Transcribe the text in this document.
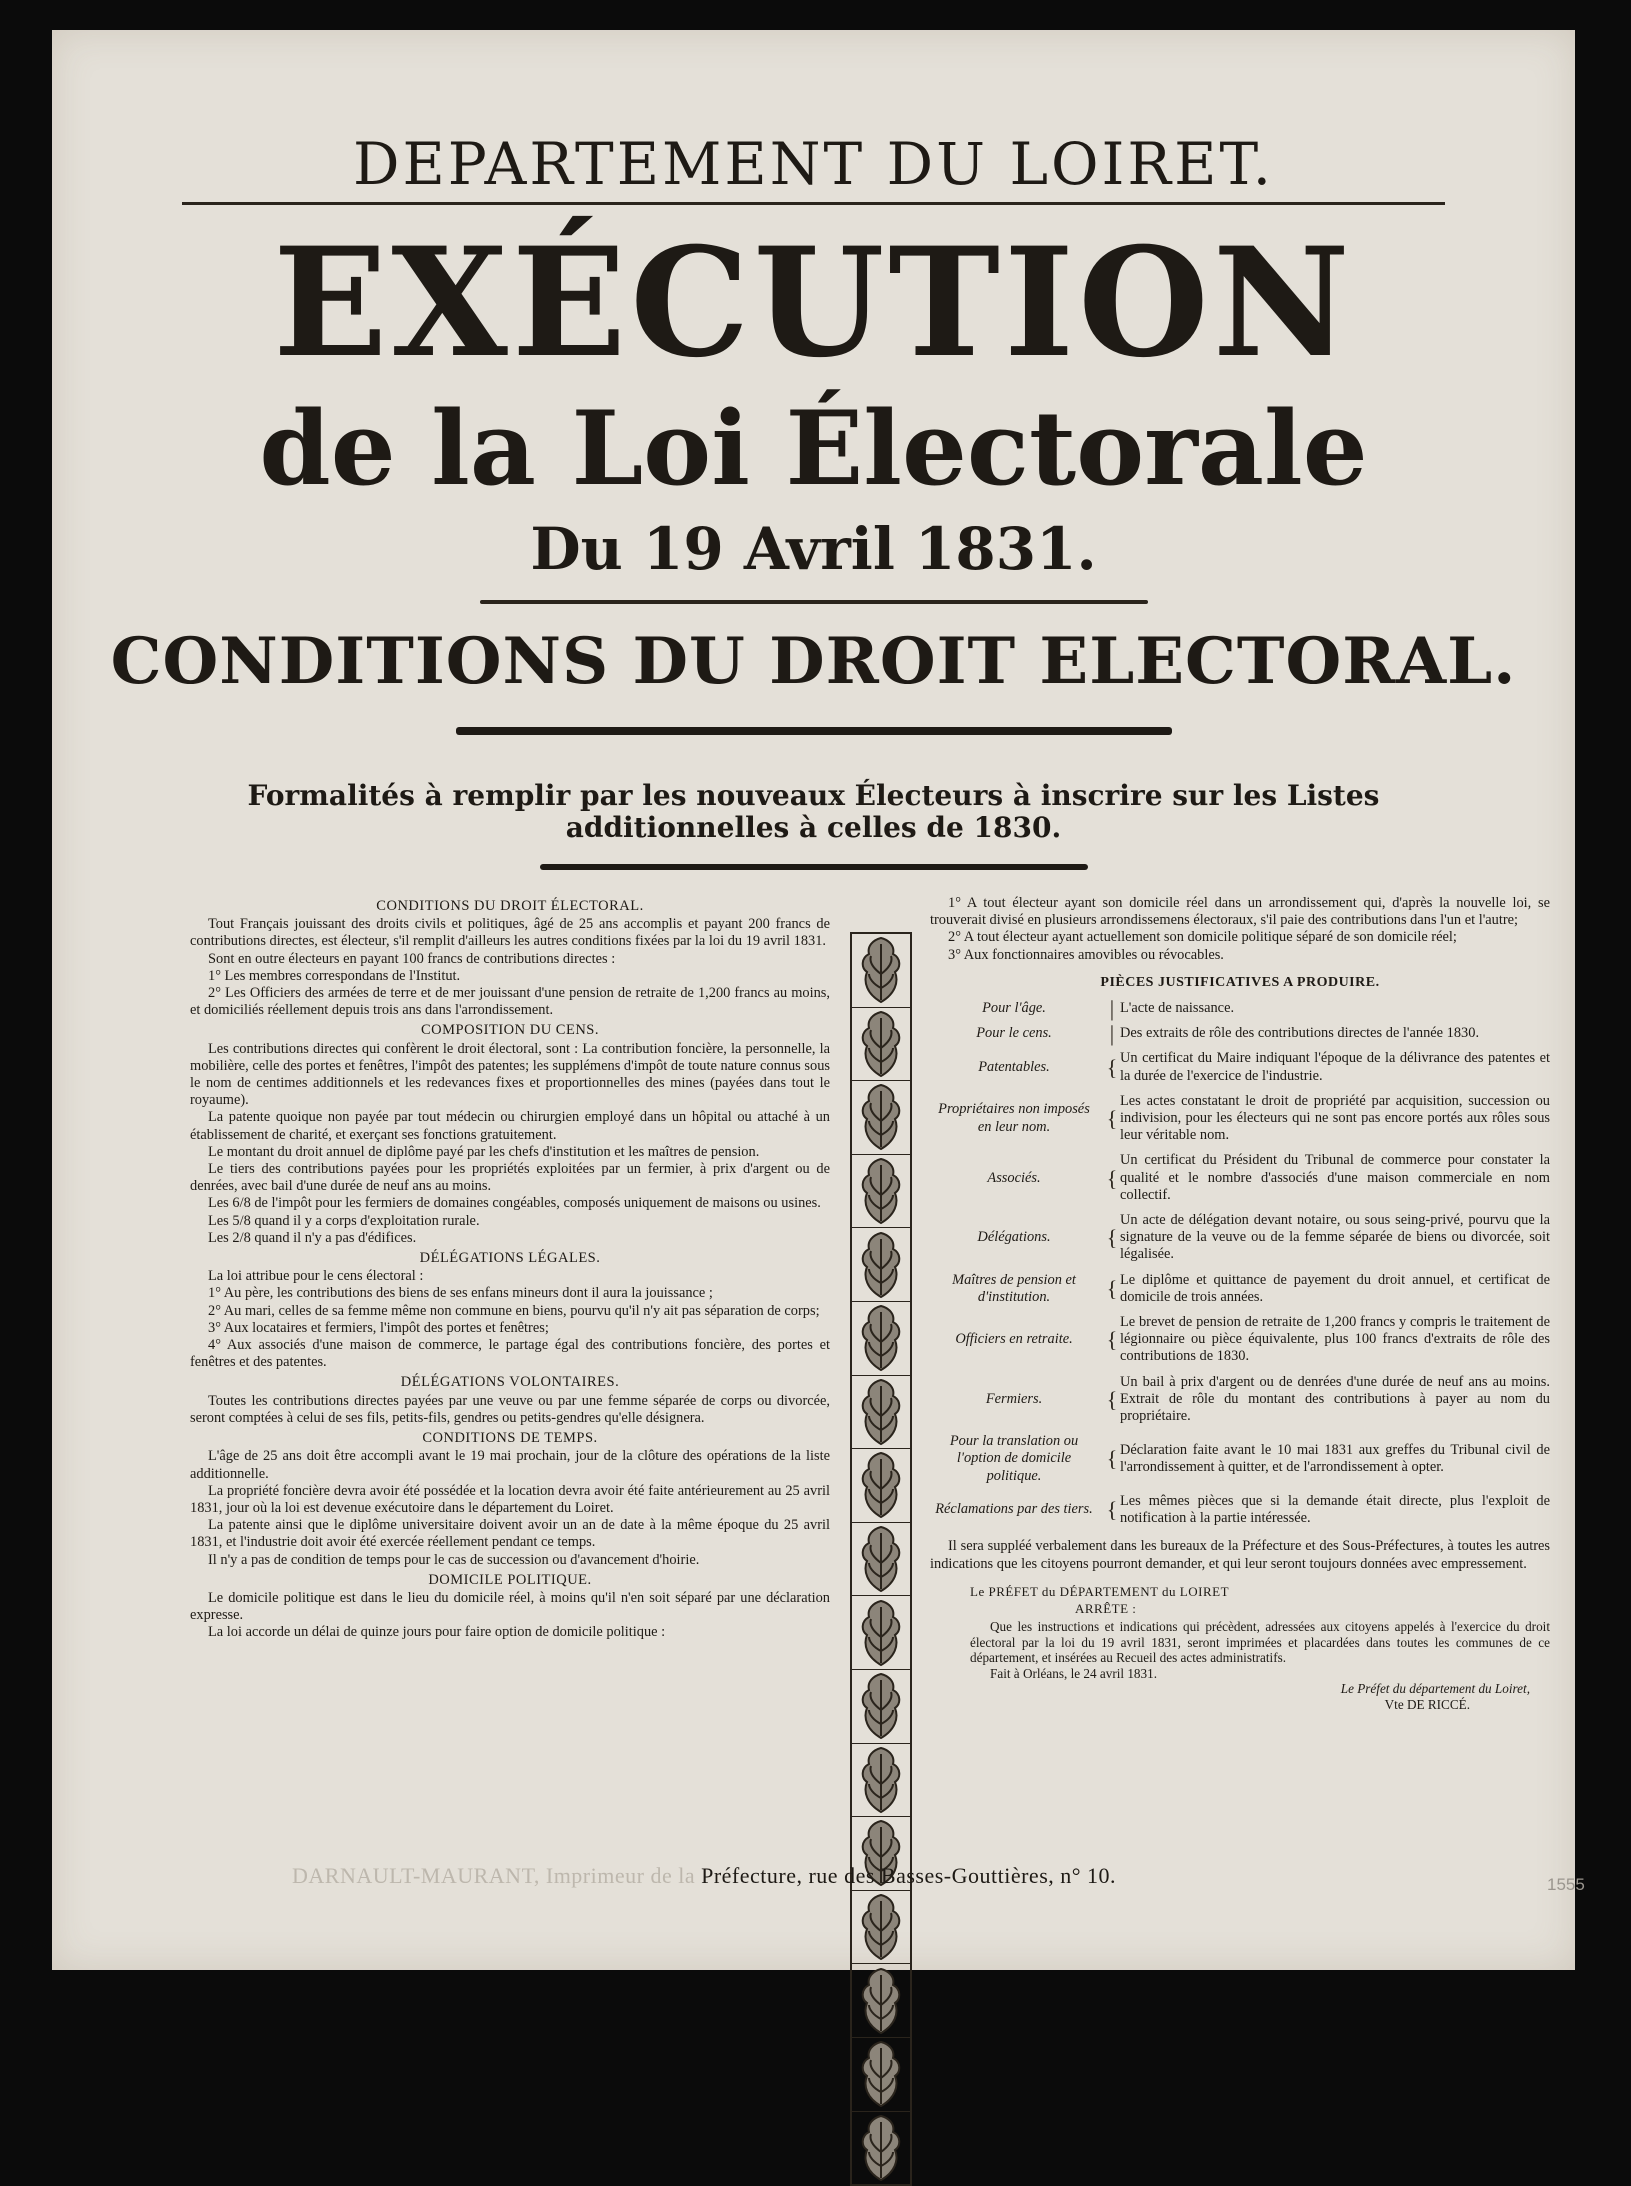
DEPARTEMENT DU LOIRET.
EXÉCUTION
de la Loi Électorale
Du 19 Avril 1831.
CONDITIONS DU DROIT ELECTORAL.

Formalités à remplir par les nouveaux Électeurs à inscrire sur les Listes additionnelles à celles de 1830.

CONDITIONS DU DROIT ÉLECTORAL.

Tout Français jouissant des droits civils et politiques, âgé de 25 ans accomplis et payant 200 francs de contributions directes, est électeur, s'il remplit d'ailleurs les autres conditions fixées par la loi du 19 avril 1831.

Sont en outre électeurs en payant 100 francs de contributions directes :

1° Les membres correspondans de l'Institut.

2° Les Officiers des armées de terre et de mer jouissant d'une pension de retraite de 1,200 francs au moins, et domiciliés réellement depuis trois ans dans l'arrondissement.

COMPOSITION DU CENS.

Les contributions directes qui confèrent le droit électoral, sont : La contribution foncière, la personnelle, la mobilière, celle des portes et fenêtres, l'impôt des patentes; les supplémens d'impôt de toute nature connus sous le nom de centimes additionnels et les redevances fixes et proportionnelles des mines (payées dans tout le royaume).

La patente quoique non payée par tout médecin ou chirurgien employé dans un hôpital ou attaché à un établissement de charité, et exerçant ses fonctions gratuitement.

Le montant du droit annuel de diplôme payé par les chefs d'institution et les maîtres de pension.

Le tiers des contributions payées pour les propriétés exploitées par un fermier, à prix d'argent ou de denrées, avec bail d'une durée de neuf ans au moins.

Les 6/8 de l'impôt pour les fermiers de domaines congéables, composés uniquement de maisons ou usines.

Les 5/8 quand il y a corps d'exploitation rurale.

Les 2/8 quand il n'y a pas d'édifices.

DÉLÉGATIONS LÉGALES.

La loi attribue pour le cens électoral :

1° Au père, les contributions des biens de ses enfans mineurs dont il aura la jouissance ;

2° Au mari, celles de sa femme même non commune en biens, pourvu qu'il n'y ait pas séparation de corps;

3° Aux locataires et fermiers, l'impôt des portes et fenêtres;

4° Aux associés d'une maison de commerce, le partage égal des contributions foncière, des portes et fenêtres et des patentes.

DÉLÉGATIONS VOLONTAIRES.

Toutes les contributions directes payées par une veuve ou par une femme séparée de corps ou divorcée, seront comptées à celui de ses fils, petits-fils, gendres ou petits-gendres qu'elle désignera.

CONDITIONS DE TEMPS.

L'âge de 25 ans doit être accompli avant le 19 mai prochain, jour de la clôture des opérations de la liste additionnelle.

La propriété foncière devra avoir été possédée et la location devra avoir été faite antérieurement au 25 avril 1831, jour où la loi est devenue exécutoire dans le département du Loiret.

La patente ainsi que le diplôme universitaire doivent avoir un an de date à la même époque du 25 avril 1831, et l'industrie doit avoir été exercée réellement pendant ce temps.

Il n'y a pas de condition de temps pour le cas de succession ou d'avancement d'hoirie.

DOMICILE POLITIQUE.

Le domicile politique est dans le lieu du domicile réel, à moins qu'il n'en soit séparé par une déclaration expresse.

La loi accorde un délai de quinze jours pour faire option de domicile politique :

1° A tout électeur ayant son domicile réel dans un arrondissement qui, d'après la nouvelle loi, se trouverait divisé en plusieurs arrondissemens électoraux, s'il paie des contributions dans l'un et l'autre;

2° A tout électeur ayant actuellement son domicile politique séparé de son domicile réel;

3° Aux fonctionnaires amovibles ou révocables.

PIÈCES JUSTIFICATIVES A PRODUIRE.
Pour l'âge.	|	L'acte de naissance.
Pour le cens.	|	Des extraits de rôle des contributions directes de l'année 1830.
Patentables.	{	Un certificat du Maire indiquant l'époque de la délivrance des patentes et la durée de l'exercice de l'industrie.
Propriétaires non imposés en leur nom.	{	Les actes constatant le droit de propriété par acquisition, succession ou indivision, pour les électeurs qui ne sont pas encore portés aux rôles sous leur véritable nom.
Associés.	{	Un certificat du Président du Tribunal de commerce pour constater la qualité et le nombre d'associés d'une maison commerciale en nom collectif.
Délégations.	{	Un acte de délégation devant notaire, ou sous seing-privé, pourvu que la signature de la veuve ou de la femme séparée de biens ou divorcée, soit légalisée.
Maîtres de pension et d'institution.	{	Le diplôme et quittance de payement du droit annuel, et certificat de domicile de trois années.
Officiers en retraite.	{	Le brevet de pension de retraite de 1,200 francs y compris le traitement de légionnaire ou pièce équivalente, plus 100 francs d'extraits de rôle des contributions de 1830.
Fermiers.	{	Un bail à prix d'argent ou de denrées d'une durée de neuf ans au moins. Extrait de rôle du montant des contributions à payer au nom du propriétaire.
Pour la translation ou l'option de domicile politique.	{	Déclaration faite avant le 10 mai 1831 aux greffes du Tribunal civil de l'arrondissement à quitter, et de l'arrondissement à opter.
Réclamations par des tiers.	{	Les mêmes pièces que si la demande était directe, plus l'exploit de notification à la partie intéressée.

Il sera suppléé verbalement dans les bureaux de la Préfecture et des Sous-Préfectures, à toutes les autres indications que les citoyens pourront demander, et qui leur seront toujours données avec empressement.

Le PRÉFET du DÉPARTEMENT du LOIRET
ARRÊTE :

Que les instructions et indications qui précèdent, adressées aux citoyens appelés à l'exercice du droit électoral par la loi du 19 avril 1831, seront imprimées et placardées dans toutes les communes de ce département, et insérées au Recueil des actes administratifs.

Fait à Orléans, le 24 avril 1831.

Le Préfet du département du Loiret,

Vte DE RICCÉ.

DARNAULT-MAURANT, Imprimeur de la Préfecture, rue des Basses-Gouttières, n° 10.	1555
